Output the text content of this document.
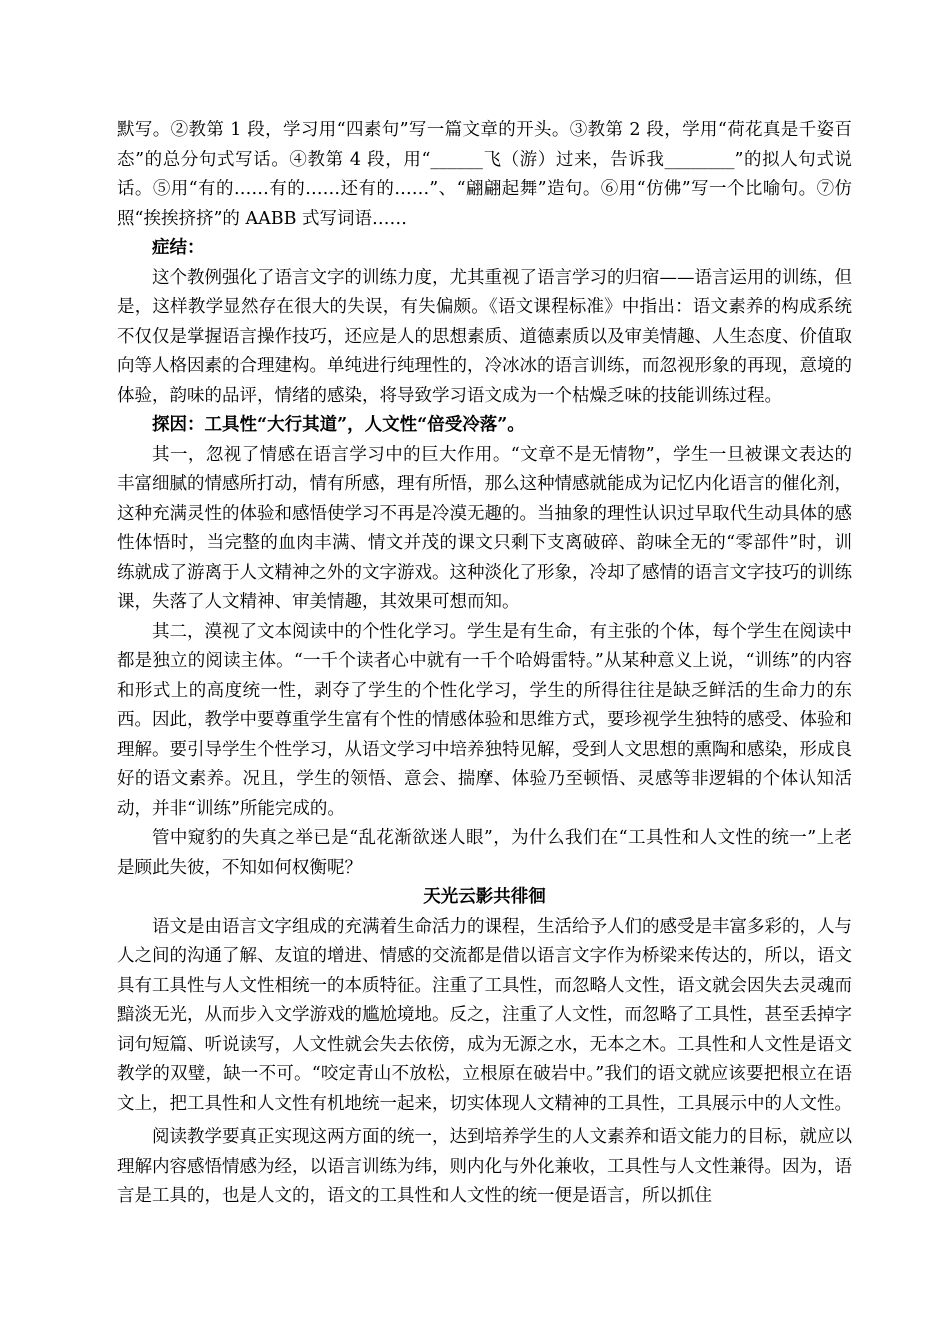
默写。②教第 1 段，学习用“四素句”写一篇文章的开头。③教第 2 段，学用“荷花真是千姿百态”的总分句式写话。④教第 4 段，用“______飞（游）过来，告诉我________”的拟人句式说话。⑤用“有的……有的……还有的……”、“翩翩起舞”造句。⑥用“仿佛”写一个比喻句。⑦仿照“挨挨挤挤”的 AABB 式写词语……

症结：

这个教例强化了语言文字的训练力度，尤其重视了语言学习的归宿——语言运用的训练，但是，这样教学显然存在很大的失误，有失偏颇。《语文课程标准》中指出：语文素养的构成系统不仅仅是掌握语言操作技巧，还应是人的思想素质、道德素质以及审美情趣、人生态度、价值取向等人格因素的合理建构。单纯进行纯理性的，冷冰冰的语言训练，而忽视形象的再现，意境的体验，韵味的品评，情绪的感染，将导致学习语文成为一个枯燥乏味的技能训练过程。

探因：工具性“大行其道”，人文性“倍受冷落”。

其一，忽视了情感在语言学习中的巨大作用。“文章不是无情物”，学生一旦被课文表达的丰富细腻的情感所打动，情有所感，理有所悟，那么这种情感就能成为记忆内化语言的催化剂，这种充满灵性的体验和感悟使学习不再是冷漠无趣的。当抽象的理性认识过早取代生动具体的感性体悟时，当完整的血肉丰满、情文并茂的课文只剩下支离破碎、韵味全无的“零部件”时，训练就成了游离于人文精神之外的文字游戏。这种淡化了形象，冷却了感情的语言文字技巧的训练课，失落了人文精神、审美情趣，其效果可想而知。

其二，漠视了文本阅读中的个性化学习。学生是有生命，有主张的个体，每个学生在阅读中都是独立的阅读主体。“一千个读者心中就有一千个哈姆雷特。”从某种意义上说，“训练”的内容和形式上的高度统一性，剥夺了学生的个性化学习，学生的所得往往是缺乏鲜活的生命力的东西。因此，教学中要尊重学生富有个性的情感体验和思维方式，要珍视学生独特的感受、体验和理解。要引导学生个性学习，从语文学习中培养独特见解，受到人文思想的熏陶和感染，形成良好的语文素养。况且，学生的领悟、意会、揣摩、体验乃至顿悟、灵感等非逻辑的个体认知活动，并非“训练”所能完成的。

管中窥豹的失真之举已是“乱花渐欲迷人眼”，为什么我们在“工具性和人文性的统一”上老是顾此失彼，不知如何权衡呢？

天光云影共徘徊

语文是由语言文字组成的充满着生命活力的课程，生活给予人们的感受是丰富多彩的，人与人之间的沟通了解、友谊的增进、情感的交流都是借以语言文字作为桥梁来传达的，所以，语文具有工具性与人文性相统一的本质特征。注重了工具性，而忽略人文性，语文就会因失去灵魂而黯淡无光，从而步入文学游戏的尴尬境地。反之，注重了人文性，而忽略了工具性，甚至丢掉字词句短篇、听说读写，人文性就会失去依傍，成为无源之水，无本之木。工具性和人文性是语文教学的双璧，缺一不可。“咬定青山不放松，立根原在破岩中。”我们的语文就应该要把根立在语文上，把工具性和人文性有机地统一起来，切实体现人文精神的工具性，工具展示中的人文性。

阅读教学要真正实现这两方面的统一，达到培养学生的人文素养和语文能力的目标，就应以理解内容感悟情感为经，以语言训练为纬，则内化与外化兼收，工具性与人文性兼得。因为，语言是工具的，也是人文的，语文的工具性和人文性的统一便是语言，所以抓住
